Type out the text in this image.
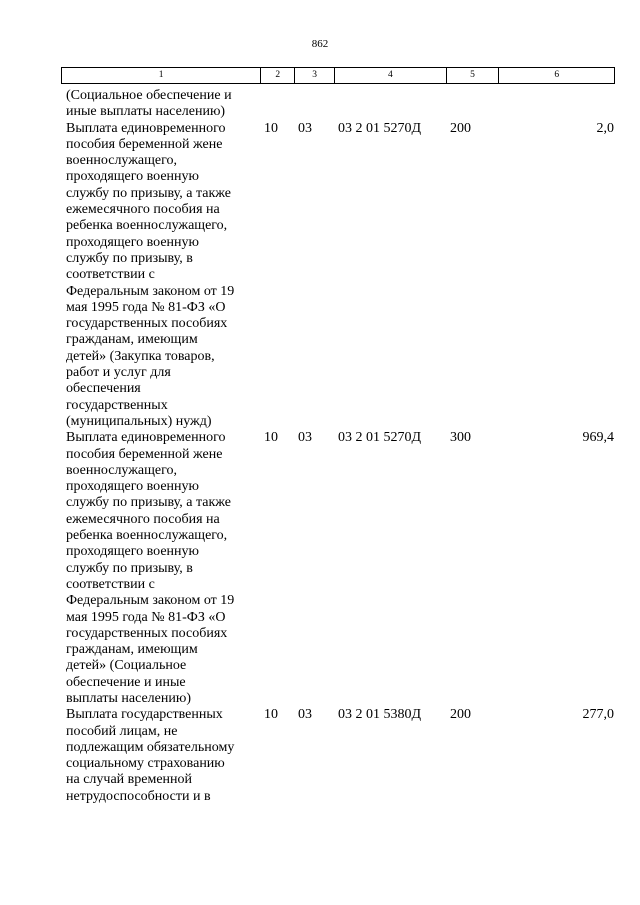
862
1	2	3	4	5	6
(Социальное обеспечение и
иные выплаты населению)
Выплата единовременного
пособия беременной жене
военнослужащего,
проходящего военную
службу по призыву, а также
ежемесячного пособия на
ребенка военнослужащего,
проходящего военную
службу по призыву, в
соответствии с
Федеральным законом от 19
мая 1995 года № 81-ФЗ «О
государственных пособиях
гражданам, имеющим
детей» (Закупка товаров,
работ и услуг для
обеспечения
государственных
(муниципальных) нужд)
10	03	03 2 01 5270Д	200	2,0
Выплата единовременного
пособия беременной жене
военнослужащего,
проходящего военную
службу по призыву, а также
ежемесячного пособия на
ребенка военнослужащего,
проходящего военную
службу по призыву, в
соответствии с
Федеральным законом от 19
мая 1995 года № 81-ФЗ «О
государственных пособиях
гражданам, имеющим
детей» (Социальное
обеспечение и иные
выплаты населению)
10	03	03 2 01 5270Д	300	969,4
Выплата государственных
пособий лицам, не
подлежащим обязательному
социальному страхованию
на случай временной
нетрудоспособности и в
10	03	03 2 01 5380Д	200	277,0
